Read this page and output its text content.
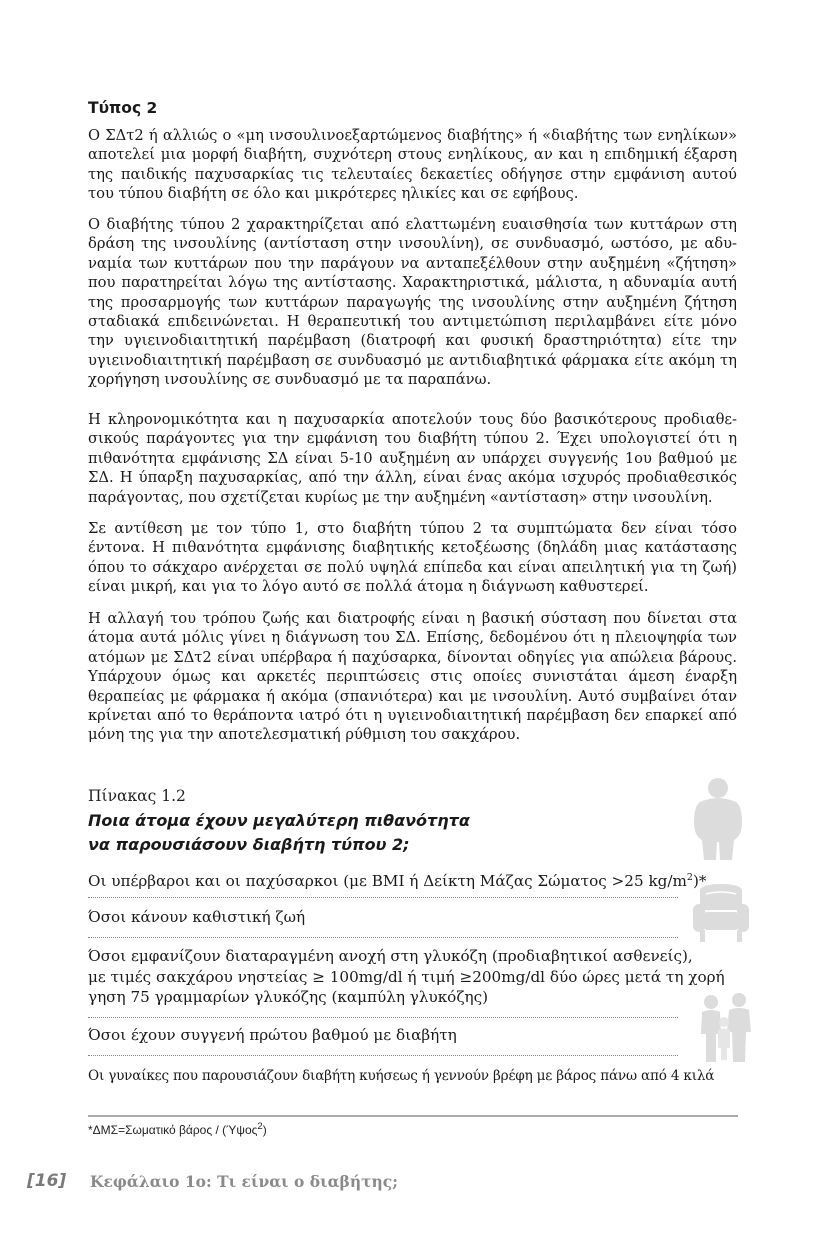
Τύπος 2

Ο ΣΔτ2 ή αλλιώς ο «μη ινσουλινοεξαρτώμενος διαβήτης» ή «διαβήτης των ενηλίκων» αποτελεί μια μορφή διαβήτη, συχνότερη στους ενηλίκους, αν και η επιδημική έξαρση της παιδικής παχυσαρκίας τις τελευταίες δεκαετίες οδήγησε στην εμφάνιση αυτού του τύπου διαβήτη σε όλο και μικρότερες ηλικίες και σε εφήβους.

Ο διαβήτης τύπου 2 χαρακτηρίζεται από ελαττωμένη ευαισθησία των κυττάρων στη δράση της ινσουλίνης (αντίσταση στην ινσουλίνη), σε συνδυασμό, ωστόσο, με αδυναμία των κυττάρων που την παράγουν να ανταπεξέλθουν στην αυξημένη «ζήτηση» που παρατηρείται λόγω της αντίστασης. Χαρακτηριστικά, μάλιστα, η αδυναμία αυτή της προσαρμογής των κυττάρων παραγωγής της ινσουλίνης στην αυξημένη ζήτηση σταδιακά επιδεινώνεται. Η θεραπευτική του αντιμετώπιση περιλαμβάνει είτε μόνο την υγιεινοδιαιτητική παρέμβαση (διατροφή και φυσική δραστηριότητα) είτε την υγιεινοδιαιτητική παρέμβαση σε συνδυασμό με αντιδιαβητικά φάρμακα είτε ακόμη τη χορήγηση ινσουλίνης σε συνδυασμό με τα παραπάνω.

Η κληρονομικότητα και η παχυσαρκία αποτελούν τους δύο βασικότερους προδιαθεσικούς παράγοντες για την εμφάνιση του διαβήτη τύπου 2. Έχει υπολογιστεί ότι η πιθανότητα εμφάνισης ΣΔ είναι 5-10 αυξημένη αν υπάρχει συγγενής 1ου βαθμού με ΣΔ. Η ύπαρξη παχυσαρκίας, από την άλλη, είναι ένας ακόμα ισχυρός προδιαθεσικός παράγοντας, που σχετίζεται κυρίως με την αυξημένη «αντίσταση» στην ινσουλίνη.

Σε αντίθεση με τον τύπο 1, στο διαβήτη τύπου 2 τα συμπτώματα δεν είναι τόσο έντονα. Η πιθανότητα εμφάνισης διαβητικής κετοξέωσης (δηλάδη μιας κατάστασης όπου το σάκχαρο ανέρχεται σε πολύ υψηλά επίπεδα και είναι απειλητική για τη ζωή) είναι μικρή, και για το λόγο αυτό σε πολλά άτομα η διάγνωση καθυστερεί.

Η αλλαγή του τρόπου ζωής και διατροφής είναι η βασική σύσταση που δίνεται στα άτομα αυτά μόλις γίνει η διάγνωση του ΣΔ. Επίσης, δεδομένου ότι η πλειοψηφία των ατόμων με ΣΔτ2 είναι υπέρβαρα ή παχύσαρκα, δίνονται οδηγίες για απώλεια βάρους. Υπάρχουν όμως και αρκετές περιπτώσεις στις οποίες συνιστάται άμεση έναρξη θεραπείας με φάρμακα ή ακόμα (σπανιότερα) και με ινσουλίνη. Αυτό συμβαίνει όταν κρίνεται από το θεράποντα ιατρό ότι η υγιεινοδιαιτητική παρέμβαση δεν επαρκεί από μόνη της για την αποτελεσματική ρύθμιση του σακχάρου.

Πίνακας 1.2
Ποια άτομα έχουν μεγαλύτερη πιθανότητα
να παρουσιάσουν διαβήτη τύπου 2;
Οι υπέρβαροι και οι παχύσαρκοι (με BMI ή Δείκτη Μάζας Σώματος >25 $kg/m^2)*$
Όσοι κάνουν καθιστική ζωή
Όσοι εμφανίζουν διαταραγμένη ανοχή στη γλυκόζη (προδιαβητικοί ασθενείς),
με τιμές σακχάρου νηστείας ≥ 100mg/dl ή τιμή ≥200mg/dl δύο ώρες μετά τη χορή
γηση 75 γραμμαρίων γλυκόζης (καμπύλη γλυκόζης)
Όσοι έχουν συγγενή πρώτου βαθμού με διαβήτη
Οι γυναίκες που παρουσιάζουν διαβήτη κυήσεως ή γεννούν βρέφη με βάρος πάνω από 4 κιλά
*ΔΜΣ=Σωματικό βάρος / (Ύψος$^2$)
[16] Κεφάλαιο 1ο: Τι είναι ο διαβήτης;
